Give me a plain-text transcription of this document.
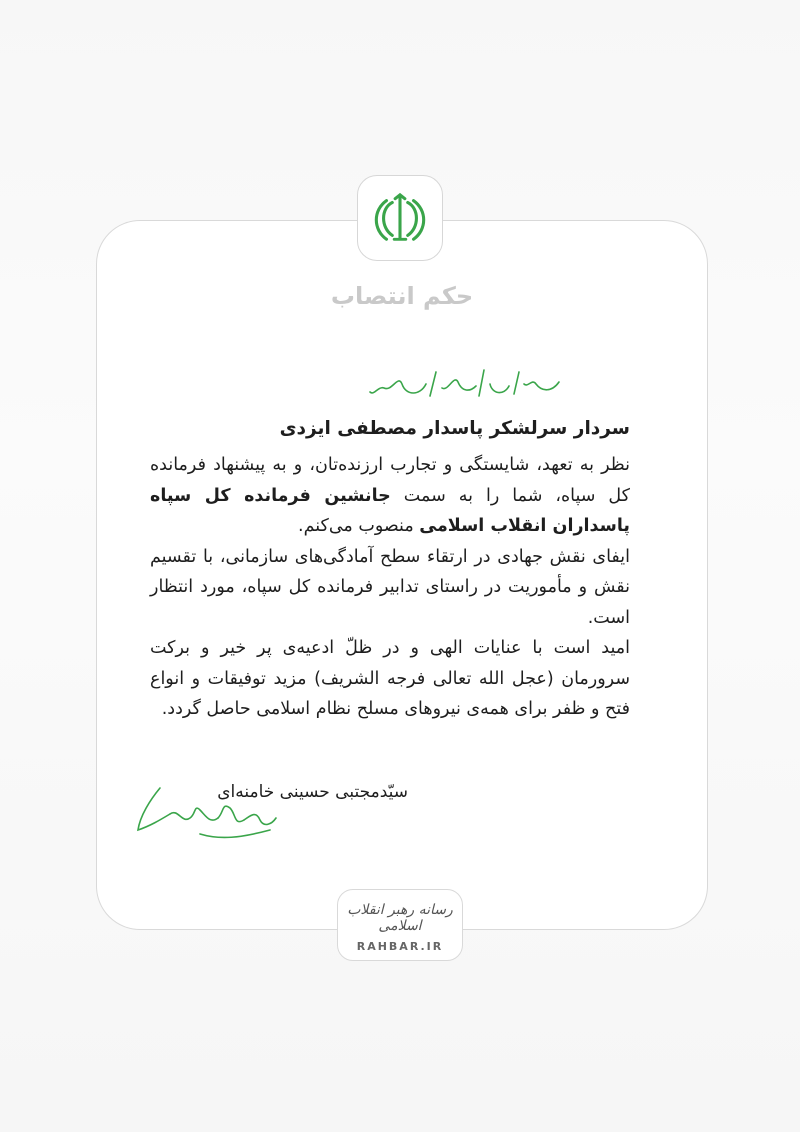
حکم انتصاب
سردار سرلشکر پاسدار مصطفی ایزدی
نظر به تعهد، شایستگی و تجارب ارزنده‌تان، و به پیشنهاد فرمانده کل سپاه، شما را به سمت جانشین فرمانده کل سپاه پاسداران انقلاب اسلامی منصوب می‌کنم.
ایفای نقش جهادی در ارتقاء سطح آمادگی‌های سازمانی، با تقسیم نقش و مأموریت در راستای تدابیر فرمانده کل سپاه، مورد انتظار است.
امید است با عنایات الهی و در ظلّ ادعیه‌ی پر خیر و برکت سرورمان (عجل الله تعالی فرجه الشریف) مزید توفیقات و انواع فتح و ظفر برای همه‌ی نیروهای مسلح نظام اسلامی حاصل گردد.
سیّدمجتبی حسینی خامنه‌ای
رسانه رهبر انقلاب اسلامی
RAHBAR.IR
